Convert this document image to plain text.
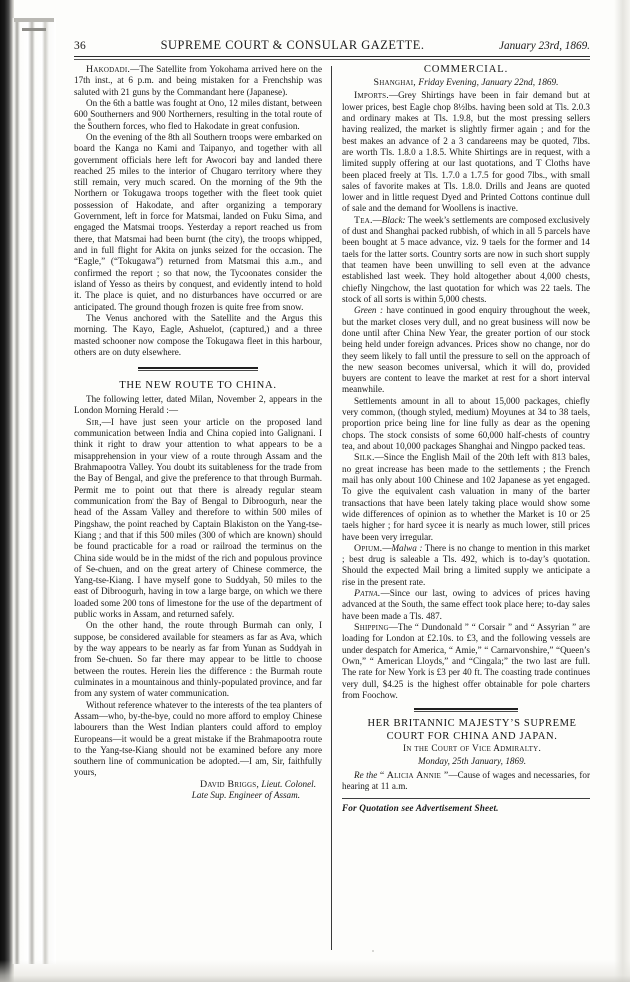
36	SUPREME COURT & CONSULAR GAZETTE.	January 23rd, 1869.

Hakodadi.—The Satellite from Yokohama arrived here on the 17th inst., at 6 p.m. and being mistaken for a Frenchship was saluted with 21 guns by the Commandant here (Japanese).

On the 6th a battle was fought at Ono, 12 miles distant, between 600 Southerners and 900 Northerners, resulting in the total route of the Southern forces, who fled to Hakodate in great confusion.

On the evening of the 8th all Southern troops were embarked on board the Kanga no Kami and Taipanyo, and together with all government officials here left for Awocori bay and landed there reached 25 miles to the interior of Chugaro territory where they still remain, very much scared. On the morning of the 9th the Northern or Tokugawa troops together with the fleet took quiet possession of Hakodate, and after organizing a temporary Government, left in force for Matsmai, landed on Fuku Sima, and engaged the Matsmai troops. Yesterday a report reached us from there, that Matsmai had been burnt (the city), the troops whipped, and in full flight for Akita on junks seized for the occasion. The “Eagle,” (“Tokugawa”) returned from Matsmai this a.m., and confirmed the report ; so that now, the Tycoonates consider the island of Yesso as theirs by conquest, and evidently intend to hold it. The place is quiet, and no disturbances have occurred or are anticipated. The ground though frozen is quite free from snow.

The Venus anchored with the Satellite and the Argus this morning. The Kayo, Eagle, Ashuelot, (captured,) and a three masted schooner now compose the Tokugawa fleet in this harbour, others are on duty elsewhere.

THE NEW ROUTE TO CHINA.

The following letter, dated Milan, November 2, appears in the London Morning Herald :—

Sir,—I have just seen your article on the proposed land communication between India and China copied into Galignani. I think it right to draw your attention to what appears to be a misapprehension in your view of a route through Assam and the Brahmapootra Valley. You doubt its suitableness for the trade from the Bay of Bengal, and give the preference to that through Burmah. Permit me to point out that there is already regular steam communication from the Bay of Bengal to Dibroogurh, near the head of the Assam Valley and therefore to within 500 miles of Pingshaw, the point reached by Captain Blakiston on the Yang-tse-Kiang ; and that if this 500 miles (300 of which are known) should be found practicable for a road or railroad the terminus on the China side would be in the midst of the rich and populous province of Se-chuen, and on the great artery of Chinese commerce, the Yang-tse-Kiang. I have myself gone to Suddyah, 50 miles to the east of Dibroogurh, having in tow a large barge, on which we there loaded some 200 tons of limestone for the use of the department of public works in Assam, and returned safely.

On the other hand, the route through Burmah can only, I suppose, be considered available for steamers as far as Ava, which by the way appears to be nearly as far from Yunan as Suddyah in from Se-chuen. So far there may appear to be little to choose between the routes. Herein lies the difference : the Burmah route culminates in a mountainous and thinly-populated province, and far from any system of water communication.

Without reference whatever to the interests of the tea planters of Assam—who, by-the-bye, could no more afford to employ Chinese labourers than the West Indian planters could afford to employ Europeans—it would be a great mistake if the Brahmapootra route to the Yang-tse-Kiang should not be examined before any more southern line of communication be adopted.—I am, Sir, faithfully yours,

David Briggs, Lieut. Colonel.

Late Sup. Engineer of Assam.

COMMERCIAL.

Shanghai, Friday Evening, January 22nd, 1869.

Imports.—Grey Shirtings have been in fair demand but at lower prices, best Eagle chop 8½lbs. having been sold at Tls. 2.0.3 and ordinary makes at Tls. 1.9.8, but the most pressing sellers having realized, the market is slightly firmer again ; and for the best makes an advance of 2 a 3 candareens may be quoted, 7lbs. are worth Tls. 1.8.0 a 1.8.5. White Shirtings are in request, with a limited supply offering at our last quotations, and T Cloths have been placed freely at Tls. 1.7.0 a 1.7.5 for good 7lbs., with small sales of favorite makes at Tls. 1.8.0. Drills and Jeans are quoted lower and in little request Dyed and Printed Cottons continue dull of sale and the demand for Woollens is inactive.

Tea.—Black: The week’s settlements are composed exclusively of dust and Shanghai packed rubbish, of which in all 5 parcels have been bought at 5 mace advance, viz. 9 taels for the former and 14 taels for the latter sorts. Country sorts are now in such short supply that teamen have been unwilling to sell even at the advance established last week. They hold altogether about 4,000 chests, chiefly Ningchow, the last quotation for which was 22 taels. The stock of all sorts is within 5,000 chests.

Green : have continued in good enquiry throughout the week, but the market closes very dull, and no great business will now be done until after China New Year, the greater portion of our stock being held under foreign advances. Prices show no change, nor do they seem likely to fall until the pressure to sell on the approach of the new season becomes universal, which it will do, provided buyers are content to leave the market at rest for a short interval meanwhile.

Settlements amount in all to about 15,000 packages, chiefly very common, (though styled, medium) Moyunes at 34 to 38 taels, proportion price being line for line fully as dear as the opening chops. The stock consists of some 60,000 half-chests of country tea, and about 10,000 packages Shanghai and Ningpo packed teas.

Silk.—Since the English Mail of the 20th left with 813 bales, no great increase has been made to the settlements ; the French mail has only about 100 Chinese and 102 Japanese as yet engaged. To give the equivalent cash valuation in many of the barter transactions that have been lately taking place would show some wide differences of opinion as to whether the Market is 10 or 25 taels higher ; for hard sycee it is nearly as much lower, still prices have been very irregular.

Opium.—Malwa : There is no change to mention in this market ; best drug is saleable a Tls. 492, which is to-day’s quotation. Should the expected Mail bring a limited supply we anticipate a rise in the present rate.

Patna.—Since our last, owing to advices of prices having advanced at the South, the same effect took place here; to-day sales have been made a Tls. 487.

Shipping—The “ Dundonald ” “ Corsair ” and “ Assyrian ” are loading for London at £2.10s. to £3, and the following vessels are under despatch for America, “ Amie,” “ Carnarvonshire,” “Queen’s Own,” “ American Lloyds,” and “Cingala;” the two last are full. The rate for New York is £3 per 40 ft. The coasting trade continues very dull, $4.25 is the highest offer obtainable for pole charters from Foochow.

HER BRITANNIC MAJESTY’S SUPREME

COURT FOR CHINA AND JAPAN.

In the Court of Vice Admiralty.

Monday, 25th January, 1869.

Re the “ Alicia Annie ”—Cause of wages and necessaries, for hearing at 11 a.m.

For Quotation see Advertisement Sheet.
